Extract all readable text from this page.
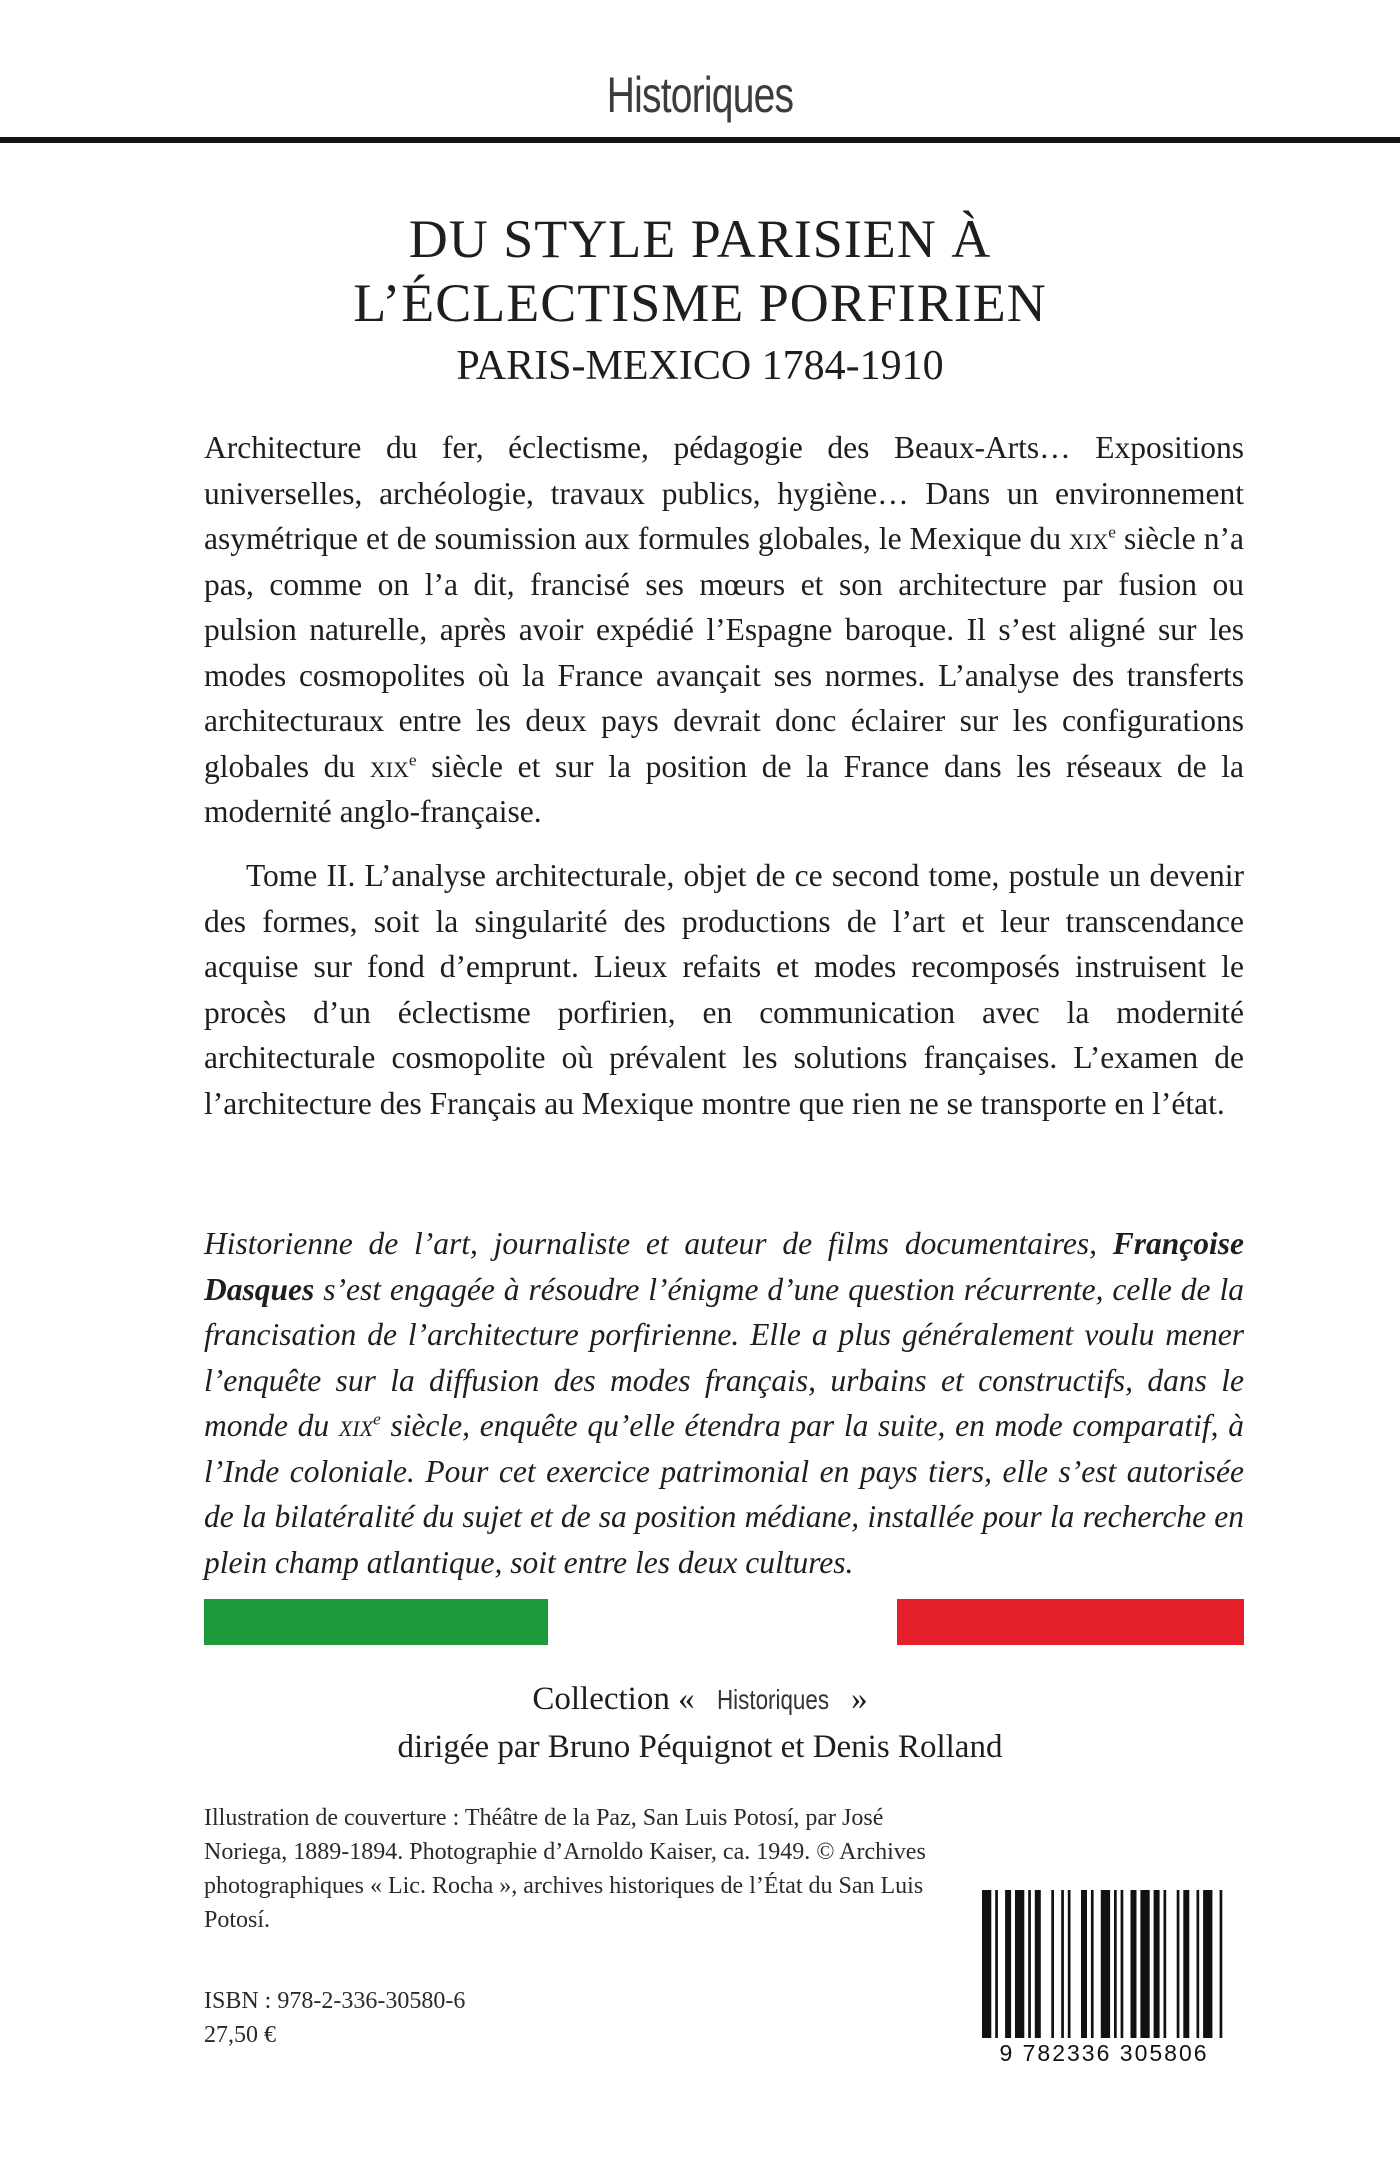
Historiques
DU STYLE PARISIEN À
L’ÉCLECTISME PORFIRIEN
PARIS-MEXICO 1784-1910
Architecture du fer, éclectisme, pédagogie des Beaux-Arts… Expositions universelles, archéologie, travaux publics, hygiène… Dans un environnement asymétrique et de soumission aux formules globales, le Mexique du xix$^e$ siècle n’a pas, comme on l’a dit, francisé ses mœurs et son architecture par fusion ou pulsion naturelle, après avoir expédié l’Espagne baroque. Il s’est aligné sur les modes cosmopolites où la France avançait ses normes. L’analyse des transferts architecturaux entre les deux pays devrait donc éclairer sur les configurations globales du xix$^e$ siècle et sur la position de la France dans les réseaux de la modernité anglo-française.
Tome II. L’analyse architecturale, objet de ce second tome, postule un devenir des formes, soit la singularité des productions de l’art et leur transcendance acquise sur fond d’emprunt. Lieux refaits et modes recomposés instruisent le procès d’un éclectisme porfirien, en communication avec la modernité architecturale cosmopolite où prévalent les solutions françaises. L’examen de l’architecture des Français au Mexique montre que rien ne se transporte en l’état.
Historienne de l’art, journaliste et auteur de films documentaires, Françoise Dasques s’est engagée à résoudre l’énigme d’une question récurrente, celle de la francisation de l’architecture porfirienne. Elle a plus généralement voulu mener l’enquête sur la diffusion des modes français, urbains et constructifs, dans le monde du xix$^e$ siècle, enquête qu’elle étendra par la suite, en mode comparatif, à l’Inde coloniale. Pour cet exercice patrimonial en pays tiers, elle s’est autorisée de la bilatéralité du sujet et de sa position médiane, installée pour la recherche en plein champ atlantique, soit entre les deux cultures.
Collection « Historiques »
dirigée par Bruno Péquignot et Denis Rolland
Illustration de couverture : Théâtre de la Paz, San Luis Potosí, par José Noriega, 1889-1894. Photographie d’Arnoldo Kaiser, ca. 1949. © Archives photographiques « Lic. Rocha », archives historiques de l’État du San Luis Potosí.
ISBN : 978-2-336-30580-6
27,50 €
9 782336 305806
